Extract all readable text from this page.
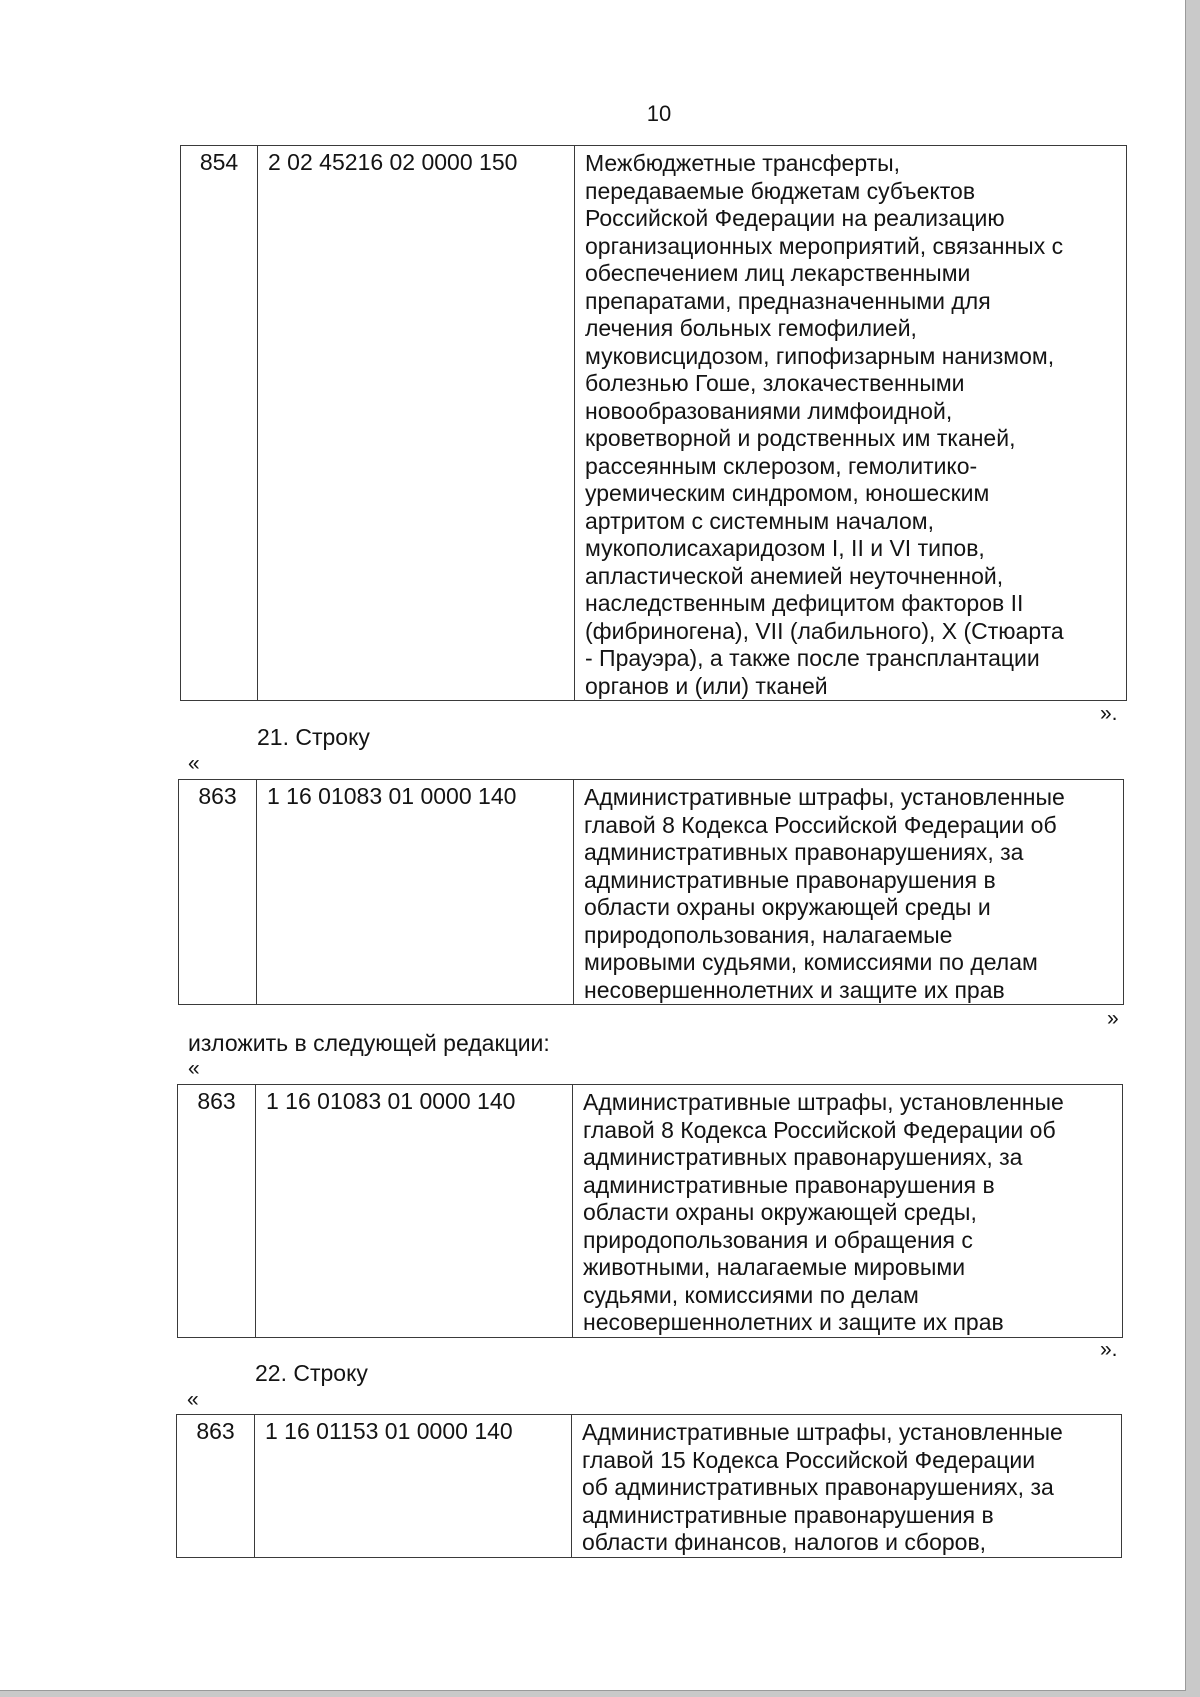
10
854	2 02 45216 02 0000 150	Межбюджетные трансферты,
передаваемые бюджетам субъектов
Российской Федерации на реализацию
организационных мероприятий, связанных с
обеспечением лиц лекарственными
препаратами, предназначенными для
лечения больных гемофилией,
муковисцидозом, гипофизарным нанизмом,
болезнью Гоше, злокачественными
новообразованиями лимфоидной,
кроветворной и родственных им тканей,
рассеянным склерозом, гемолитико-
уремическим синдромом, юношеским
артритом с системным началом,
мукополисахаридозом I, II и VI типов,
апластической анемией неуточненной,
наследственным дефицитом факторов II
(фибриногена), VII (лабильного), X (Стюарта
- Прауэра), а также после трансплантации
органов и (или) тканей
».
21. Строку
«
863	1 16 01083 01 0000 140	Административные штрафы, установленные
главой 8 Кодекса Российской Федерации об
административных правонарушениях, за
административные правонарушения в
области охраны окружающей среды и
природопользования, налагаемые
мировыми судьями, комиссиями по делам
несовершеннолетних и защите их прав
»
изложить в следующей редакции:
«
863	1 16 01083 01 0000 140	Административные штрафы, установленные
главой 8 Кодекса Российской Федерации об
административных правонарушениях, за
административные правонарушения в
области охраны окружающей среды,
природопользования и обращения с
животными, налагаемые мировыми
судьями, комиссиями по делам
несовершеннолетних и защите их прав
».
22. Строку
«
863	1 16 01153 01 0000 140	Административные штрафы, установленные
главой 15 Кодекса Российской Федерации
об административных правонарушениях, за
административные правонарушения в
области финансов, налогов и сборов,
